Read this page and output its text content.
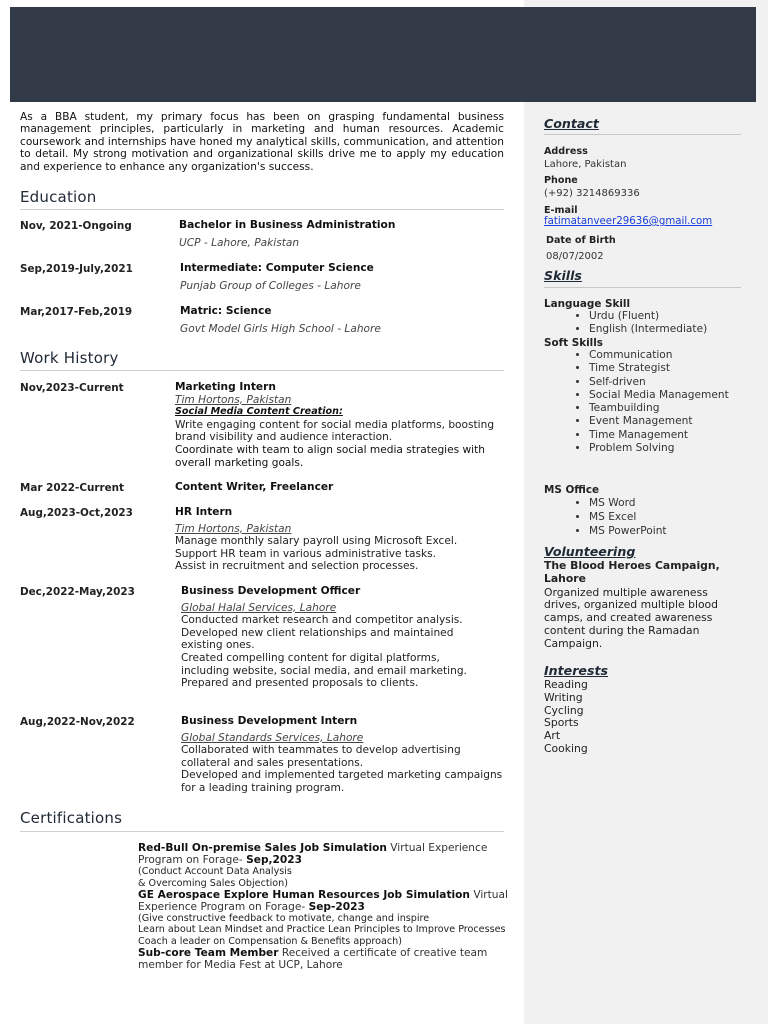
As a BBA student, my primary focus has been on grasping fundamental business management principles, particularly in marketing and human resources. Academic coursework and internships have honed my analytical skills, communication, and attention to detail. My strong motivation and organizational skills drive me to apply my education and experience to enhance any organization's success.

Education
Nov, 2021-Ongoing	Bachelor in Business Administration
UCP - Lahore, Pakistan
Sep,2019-July,2021	Intermediate: Computer Science
Punjab Group of Colleges - Lahore
Mar,2017-Feb,2019	Matric: Science
Govt Model Girls High School - Lahore
Work History
Nov,2023-Current	Marketing Intern
Tim Hortons, Pakistan
Social Media Content Creation:
Write engaging content for social media platforms, boosting brand visibility and audience interaction.
Coordinate with team to align social media strategies with overall marketing goals.
Mar 2022-Current	Content Writer, Freelancer
Aug,2023-Oct,2023	HR Intern
Tim Hortons, Pakistan
Manage monthly salary payroll using Microsoft Excel.
Support HR team in various administrative tasks.
Assist in recruitment and selection processes.
Dec,2022-May,2023	Business Development Officer
Global Halal Services, Lahore
Conducted market research and competitor analysis.
Developed new client relationships and maintained existing ones.
Created compelling content for digital platforms, including website, social media, and email marketing.
Prepared and presented proposals to clients.
Aug,2022-Nov,2022	Business Development Intern
Global Standards Services, Lahore
Collaborated with teammates to develop advertising collateral and sales presentations.
Developed and implemented targeted marketing campaigns for a leading training program.
Certifications
Red-Bull On-premise Sales Job Simulation Virtual Experience Program on Forage- Sep,2023
(Conduct Account Data Analysis
& Overcoming Sales Objection)
GE Aerospace Explore Human Resources Job Simulation Virtual Experience Program on Forage- Sep-2023
(Give constructive feedback to motivate, change and inspire
Learn about Lean Mindset and Practice Lean Principles to Improve Processes
Coach a leader on Compensation & Benefits approach)
Sub-core Team Member Received a certificate of creative team member for Media Fest at UCP, Lahore
Contact
Address
Lahore, Pakistan
Phone
(+92) 3214869336
E-mail
fatimatanveer29636@gmail.com
Date of Birth
08/07/2002
Skills
Language Skill
• Urdu (Fluent)
• English (Intermediate)
Soft Skills
• Communication
• Time Strategist
• Self-driven
• Social Media Management
• Teambuilding
• Event Management
• Time Management
• Problem Solving
MS Office
• MS Word
• MS Excel
• MS PowerPoint
Volunteering
The Blood Heroes Campaign, Lahore
Organized multiple awareness drives, organized multiple blood camps, and created awareness content during the Ramadan Campaign.
Interests
Reading
Writing
Cycling
Sports
Art
Cooking
